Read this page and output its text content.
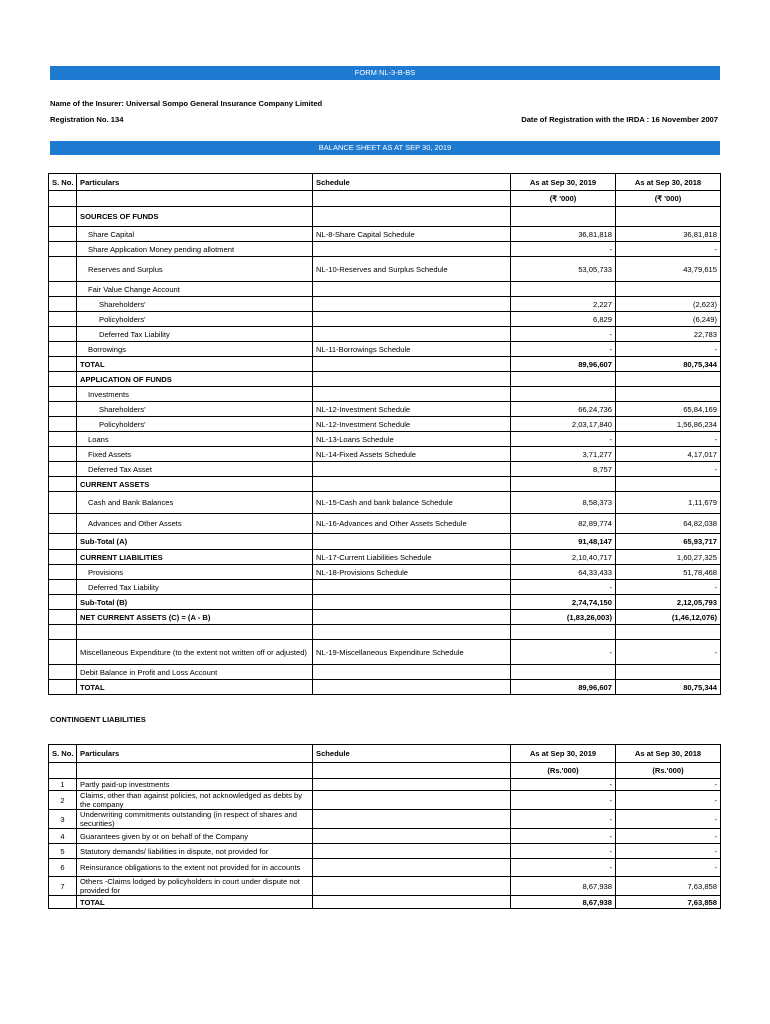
FORM NL-3-B-BS
Name of the Insurer: Universal Sompo General Insurance Company Limited
Registration No. 134	Date of Registration with the IRDA : 16 November 2007
BALANCE SHEET AS AT SEP 30, 2019
S. No.	Particulars	Schedule	As at Sep 30, 2019	As at Sep 30, 2018
			(₹ '000)	(₹ '000)
	SOURCES OF FUNDS			
	Share Capital	NL-8-Share Capital Schedule	36,81,818	36,81,818
	Share Application Money pending allotment		-	-
	Reserves and Surplus	NL-10-Reserves and Surplus Schedule	53,05,733	43,79,615
	Fair Value Change Account			
	Shareholders'		2,227	(2,623)
	Policyholders'		6,829	(6,249)
	Deferred Tax Liability		-	22,783
	Borrowings	NL-11-Borrowings Schedule	-	-
	TOTAL		89,96,607	80,75,344
	APPLICATION OF FUNDS			
	Investments			
	Shareholders'	NL-12-Investment Schedule	66,24,736	65,84,169
	Policyholders'	NL-12-Investment Schedule	2,03,17,840	1,56,86,234
	Loans	NL-13-Loans Schedule	-	-
	Fixed Assets	NL-14-Fixed Assets Schedule	3,71,277	4,17,017
	Deferred Tax Asset		8,757	-
	CURRENT ASSETS			
	Cash and Bank Balances	NL-15-Cash and bank balance Schedule	8,58,373	1,11,679
	Advances and Other Assets	NL-16-Advances and Other Assets Schedule	82,89,774	64,82,038
	Sub-Total (A)		91,48,147	65,93,717
	CURRENT LIABILITIES	NL-17-Current Liabilities Schedule	2,10,40,717	1,60,27,325
	Provisions	NL-18-Provisions Schedule	64,33,433	51,78,468
	Deferred Tax Liability		-	-
	Sub-Total (B)		2,74,74,150	2,12,05,793
	NET CURRENT ASSETS (C) = (A - B)		(1,83,26,003)	(1,46,12,076)

	Miscellaneous Expenditure (to the extent not written off or adjusted)	NL-19-Miscellaneous Expenditure Schedule	-	-
	Debit Balance in Profit and Loss Account			
	TOTAL		89,96,607	80,75,344
CONTINGENT LIABILITIES
S. No.	Particulars	Schedule	As at Sep 30, 2019	As at Sep 30, 2018
			(Rs.'000)	(Rs.'000)
1	Partly paid-up investments		-	-
2	Claims, other than against policies, not acknowledged as debts by the company		-	-
3	Underwriting commitments outstanding (in respect of shares and securities)		-	-
4	Guarantees given by or on behalf of the Company		-	-
5	Statutory demands/ liabilities in dispute, not provided for		-	-
6	Reinsurance obligations to the extent not provided for in accounts		-	-
7	Others -Claims lodged by policyholders in court under dispute not provided for		8,67,938	7,63,858
	TOTAL		8,67,938	7,63,858
